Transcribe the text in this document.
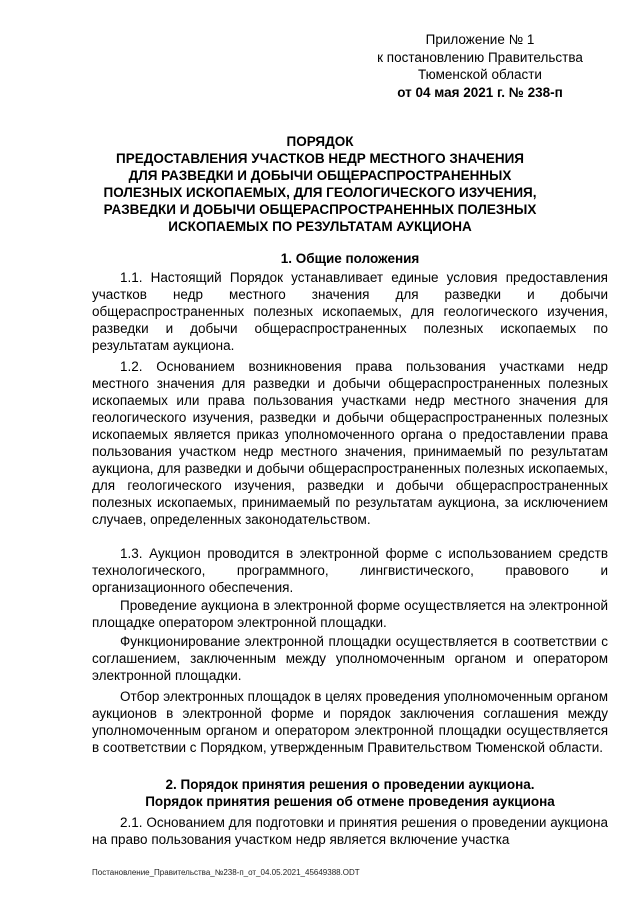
Приложение № 1
к постановлению Правительства
Тюменской области
от 04 мая 2021 г. № 238-п
ПОРЯДОК
ПРЕДОСТАВЛЕНИЯ УЧАСТКОВ НЕДР МЕСТНОГО ЗНАЧЕНИЯ
ДЛЯ РАЗВЕДКИ И ДОБЫЧИ ОБЩЕРАСПРОСТРАНЕННЫХ
ПОЛЕЗНЫХ ИСКОПАЕМЫХ, ДЛЯ ГЕОЛОГИЧЕСКОГО ИЗУЧЕНИЯ,
РАЗВЕДКИ И ДОБЫЧИ ОБЩЕРАСПРОСТРАНЕННЫХ ПОЛЕЗНЫХ
ИСКОПАЕМЫХ ПО РЕЗУЛЬТАТАМ АУКЦИОНА
1. Общие положения

1.1. Настоящий Порядок устанавливает единые условия предоставления участков недр местного значения для разведки и добычи общераспространенных полезных ископаемых, для геологического изучения, разведки и добычи общераспространенных полезных ископаемых по результатам аукциона.

1.2. Основанием возникновения права пользования участками недр местного значения для разведки и добычи общераспространенных полезных ископаемых или права пользования участками недр местного значения для геологического изучения, разведки и добычи общераспространенных полезных ископаемых является приказ уполномоченного органа о предоставлении права пользования участком недр местного значения, принимаемый по результатам аукциона, для разведки и добычи общераспространенных полезных ископаемых, для геологического изучения, разведки и добычи общераспространенных полезных ископаемых, принимаемый по результатам аукциона, за исключением случаев, определенных законодательством.

1.3. Аукцион проводится в электронной форме с использованием средств технологического, программного, лингвистического, правового и организационного обеспечения.

Проведение аукциона в электронной форме осуществляется на электронной площадке оператором электронной площадки.

Функционирование электронной площадки осуществляется в соответствии с соглашением, заключенным между уполномоченным органом и оператором электронной площадки.

Отбор электронных площадок в целях проведения уполномоченным органом аукционов в электронной форме и порядок заключения соглашения между уполномоченным органом и оператором электронной площадки осуществляется в соответствии с Порядком, утвержденным Правительством Тюменской области.

2. Порядок принятия решения о проведении аукциона.
Порядок принятия решения об отмене проведения аукциона

2.1. Основанием для подготовки и принятия решения о проведении аукциона на право пользования участком недр является включение участка

Постановление_Правительства_№238-п_от_04.05.2021_45649388.ODT
